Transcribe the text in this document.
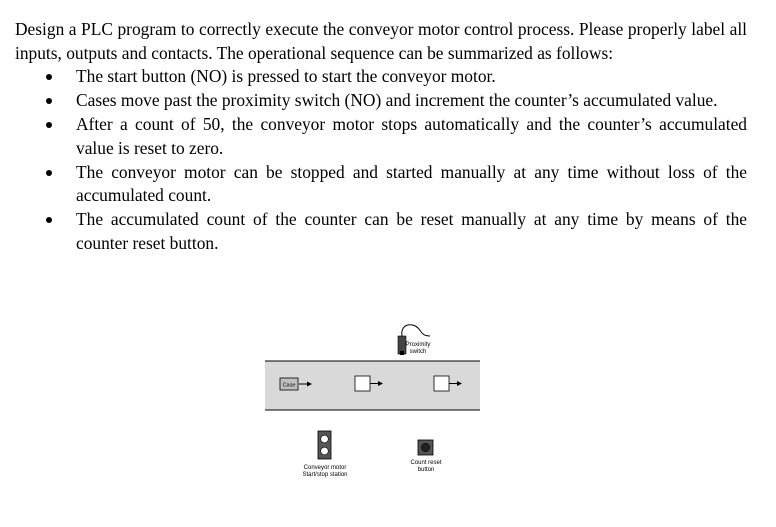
Design a PLC program to correctly execute the conveyor motor control process. Please properly label all inputs, outputs and contacts. The operational sequence can be summarized as follows:

The start button (NO) is pressed to start the conveyor motor.
Cases move past the proximity switch (NO) and increment the counter’s accumulated value.
After a count of 50, the conveyor motor stops automatically and the counter’s accumulated value is reset to zero.
The conveyor motor can be stopped and started manually at any time without loss of the accumulated count.
The accumulated count of the counter can be reset manually at any time by means of the counter reset button.
Proximity
switch
Case
Conveyor motor
Start/stop station
Count reset
button
